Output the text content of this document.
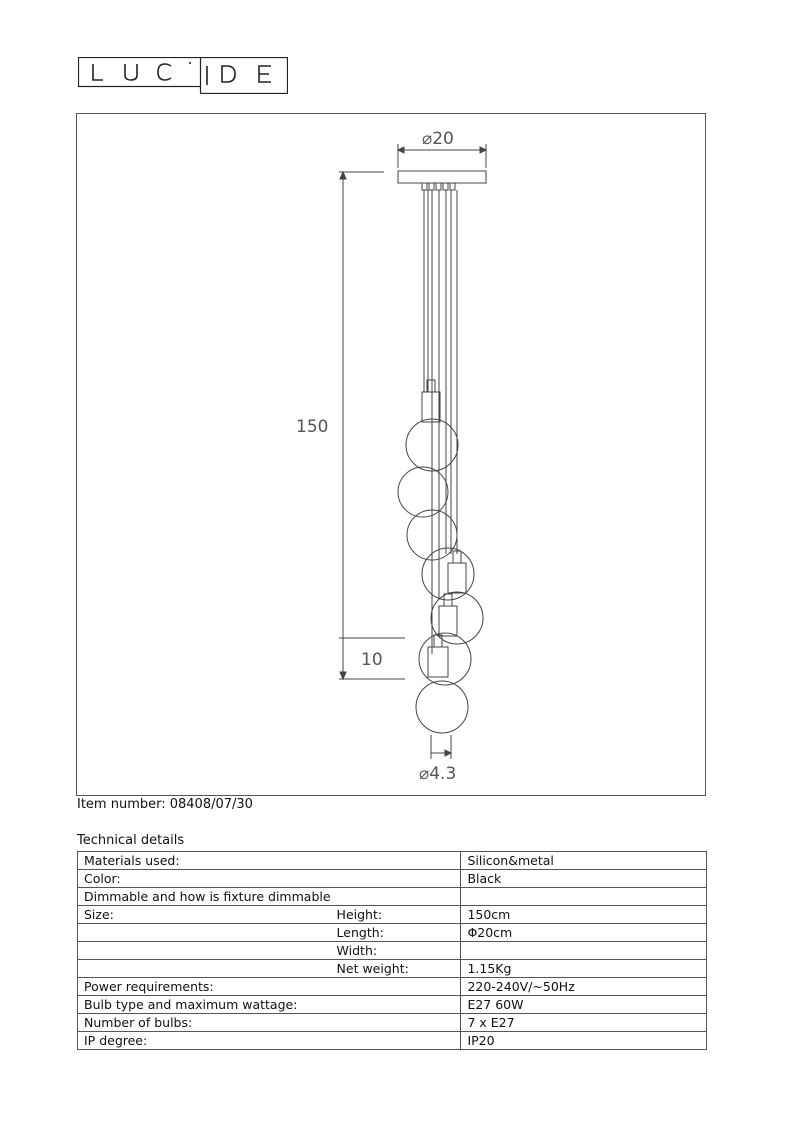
⌀20
150
10
⌀4.3
Item number: 08408/07/30
Technical details
Materials used:		Silicon&metal
Color:		Black
Dimmable and how is fixture dimmable		
Size:	Height:	150cm
	Length:	Φ20cm
	Width:	
	Net weight:	1.15Kg
Power requirements:		220-240V/~50Hz
Bulb type and maximum wattage:		E27 60W
Number of bulbs:		7 x E27
IP degree:		IP20
